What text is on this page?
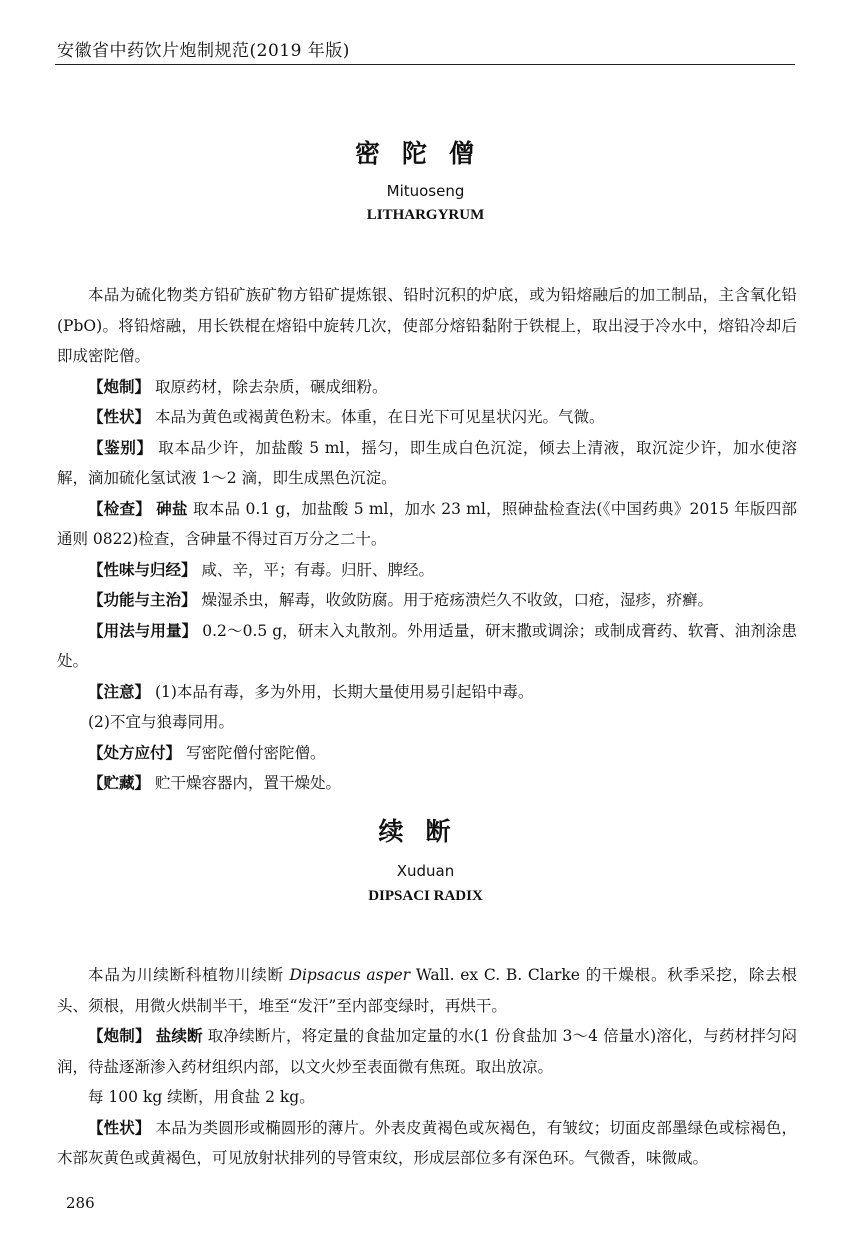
安徽省中药饮片炮制规范(2019 年版)
密陀僧
Mituoseng
LITHARGYRUM

本品为硫化物类方铅矿族矿物方铅矿提炼银、铅时沉积的炉底，或为铅熔融后的加工制品，主含氧化铅(PbO)。将铅熔融，用长铁棍在熔铅中旋转几次，使部分熔铅黏附于铁棍上，取出浸于冷水中，熔铅冷却后即成密陀僧。

【炮制】 取原药材，除去杂质，碾成细粉。

【性状】 本品为黄色或褐黄色粉末。体重，在日光下可见星状闪光。气微。

【鉴别】 取本品少许，加盐酸 5 ml，摇匀，即生成白色沉淀，倾去上清液，取沉淀少许，加水使溶解，滴加硫化氢试液 1～2 滴，即生成黑色沉淀。

【检查】 砷盐 取本品 0.1 g，加盐酸 5 ml，加水 23 ml，照砷盐检查法(《中国药典》2015 年版四部 通则 0822)检查，含砷量不得过百万分之二十。

【性味与归经】 咸、辛，平；有毒。归肝、脾经。

【功能与主治】 燥湿杀虫，解毒，收敛防腐。用于疮疡溃烂久不收敛，口疮，湿疹，疥癣。

【用法与用量】 0.2～0.5 g，研末入丸散剂。外用适量，研末撒或调涂；或制成膏药、软膏、油剂涂患处。

【注意】 (1)本品有毒，多为外用，长期大量使用易引起铅中毒。

(2)不宜与狼毒同用。

【处方应付】 写密陀僧付密陀僧。

【贮藏】 贮干燥容器内，置干燥处。

续断
Xuduan
DIPSACI RADIX

本品为川续断科植物川续断 Dipsacus asper Wall. ex C. B. Clarke 的干燥根。秋季采挖，除去根头、须根，用微火烘制半干，堆至“发汗”至内部变绿时，再烘干。

【炮制】 盐续断 取净续断片，将定量的食盐加定量的水(1 份食盐加 3～4 倍量水)溶化，与药材拌匀闷润，待盐逐渐渗入药材组织内部，以文火炒至表面微有焦斑。取出放凉。

每 100 kg 续断，用食盐 2 kg。

【性状】 本品为类圆形或椭圆形的薄片。外表皮黄褐色或灰褐色，有皱纹；切面皮部墨绿色或棕褐色，木部灰黄色或黄褐色，可见放射状排列的导管束纹，形成层部位多有深色环。气微香，味微咸。

286
